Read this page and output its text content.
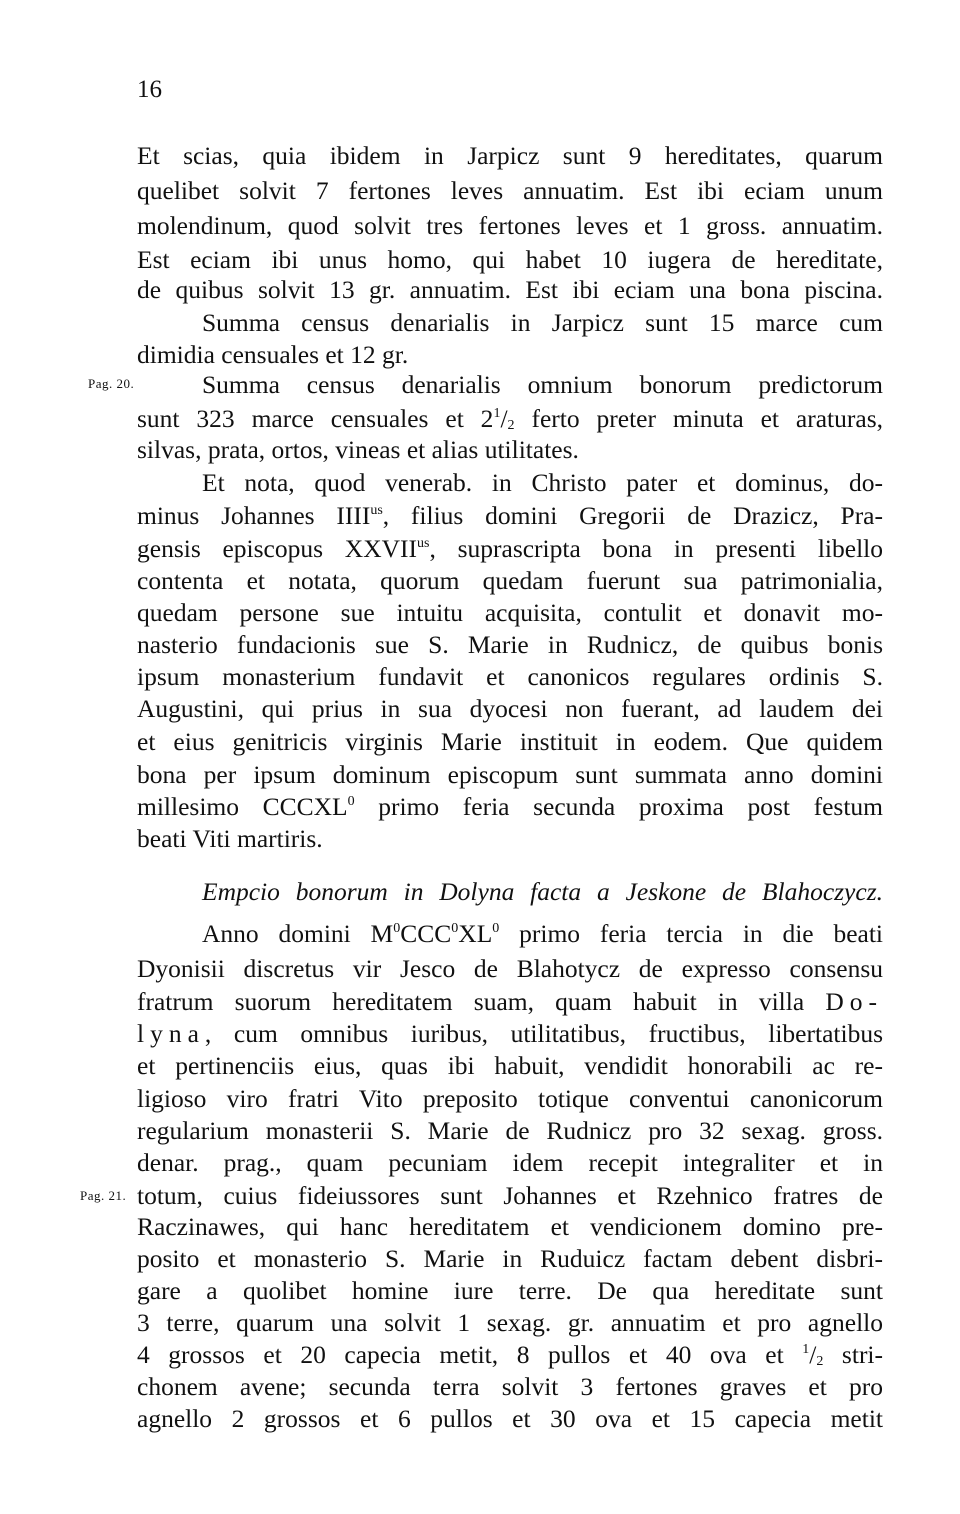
16
Pag. 20.
Pag. 21.
Et scias, quia ibidem in Jarpicz sunt 9 hereditates, quarum
quelibet solvit 7 fertones leves annuatim. Est ibi eciam unum
molendinum, quod solvit tres fertones leves et 1 gross. annuatim.
Est eciam ibi unus homo, qui habet 10 iugera de hereditate,
de quibus solvit 13 gr. annuatim. Est ibi eciam una bona piscina.
Summa census denarialis in Jarpicz sunt 15 marce cum
dimidia censuales et 12 gr.
Summa census denarialis omnium bonorum predictorum
sunt 323 marce censuales et $2^1/_2$ ferto preter minuta et araturas,
silvas, prata, ortos, vineas et alias utilitates.
Et nota, quod venerab. in Christo pater et dominus, do-
minus Johannes $IIII^{us}$, filius domini Gregorii de Drazicz, Pra-
gensis episcopus $XXVII^{us}$, suprascripta bona in presenti libello
contenta et notata, quorum quedam fuerunt sua patrimonialia,
quedam persone sue intuitu acquisita, contulit et donavit mo-
nasterio fundacionis sue S. Marie in Rudnicz, de quibus bonis
ipsum monasterium fundavit et canonicos regulares ordinis S.
Augustini, qui prius in sua dyocesi non fuerant, ad laudem dei
et eius genitricis virginis Marie instituit in eodem. Que quidem
bona per ipsum dominum episcopum sunt summata anno domini
millesimo CCCXL$^0$ primo feria secunda proxima post festum
beati Viti martiris.
Empcio bonorum in Dolyna facta a Jeskone de Blahoczycz.
Anno domini $M^0CCC^0XL^0$ primo feria tercia in die beati
Dyonisii discretus vir Jesco de Blahotycz de expresso consensu
fratrum suorum hereditatem suam, quam habuit in villa Do-
lyna, cum omnibus iuribus, utilitatibus, fructibus, libertatibus
et pertinenciis eius, quas ibi habuit, vendidit honorabili ac re-
ligioso viro fratri Vito preposito totique conventui canonicorum
regularium monasterii S. Marie de Rudnicz pro 32 sexag. gross.
denar. prag., quam pecuniam idem recepit integraliter et in
totum, cuius fideiussores sunt Johannes et Rzehnico fratres de
Raczinawes, qui hanc hereditatem et vendicionem domino pre-
posito et monasterio S. Marie in Ruduicz factam debent disbri-
gare a quolibet homine iure terre. De qua hereditate sunt
3 terre, quarum una solvit 1 sexag. gr. annuatim et pro agnello
4 grossos et 20 capecia metit, 8 pullos et 40 ova et $^1/_2$ stri-
chonem avene; secunda terra solvit 3 fertones graves et pro
agnello 2 grossos et 6 pullos et 30 ova et 15 capecia metit
